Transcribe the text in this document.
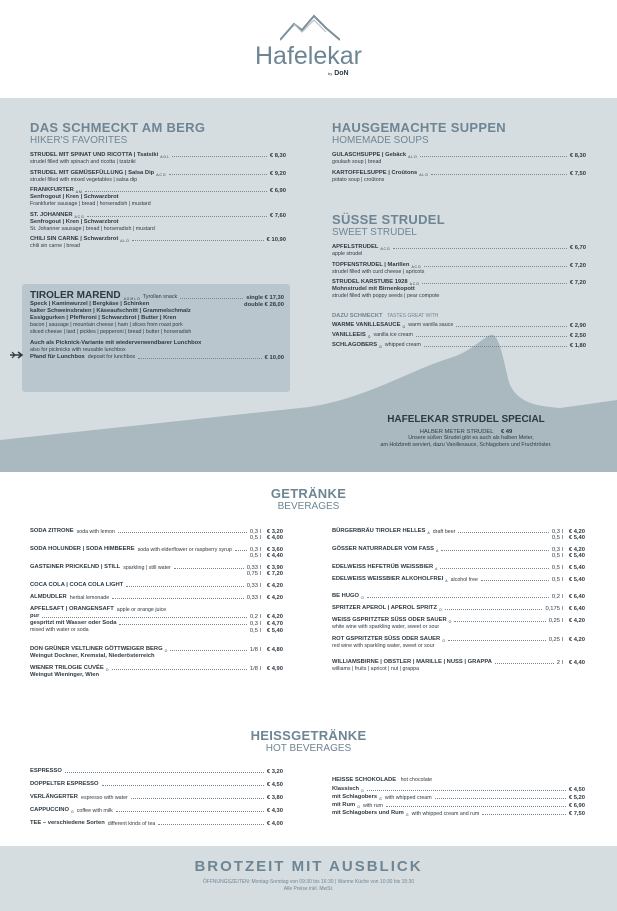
Hafelekar
by DoN
DAS SCHMECKT AM BERG
HIKER'S FAVORITES
STRUDEL MIT SPINAT UND RICOTTA | Tsatsiki A G L	€ 8,30
strudel filled with spinach and ricotta | tzatziki
STRUDEL MIT GEMÜSEFÜLLUNG | Salsa Dip A C G	€ 9,20
strudel filled with mixed vegetables | salsa dip
FRANKFURTER A M	€ 6,90
Senfrogout | Kren | Schwarzbrot
Frankfurter sausage | bread | horseradish | mustard
ST. JOHANNER A C G	€ 7,60
Senfrogout | Kren | Schwarzbrot
St. Johanner sausage | bread | horseradish | mustard
CHILI SIN CARNE | Schwarzbrot A L O	€ 10,90
chili sin carne | bread
TIROLER MAREND $_{A G M L O}$ Tyrollan snack	single € 17,30
Speck | Kaminwurzel | Bergkäse | Schinken	double € 28,00
kalter Schweinsbraten | Käseaufschnitt | Grammelschmalz
Essiggurken | Pfefferoni | Schwarzbrot | Butter | Kren
bacon | sausage | mountain cheese | ham | slices from roast pork
sliced cheese | lard | pickles | pepperoni | bread | butter | horseradish
Auch als Picknick-Variante mit wiederverwendbarer Lunchbox
also for picknicks with reusable lunchbox
Pfand für Lunchbox deposit for lunchbox	€ 10,00
HAUSGEMACHTE SUPPEN
HOMEMADE SOUPS
GULASCHSUPPE | Gebäck A L O	€ 8,30
goulash soup | bread
KARTOFFELSUPPE | Croûtons A L O	€ 7,50
potato soup | croûtons
SÜSSE STRUDEL
SWEET STRUDEL
APFELSTRUDEL A C G	€ 6,70
apple strudel
TOPFENSTRUDEL | Marillen A C G	€ 7,20
strudel filled with curd cheese | apricots
STRUDEL KARSTUBE 1928 A C G	€ 7,20
Mohnstrudel mit Birnenkopott
strudel filled with poppy seeds | pear compote
DAZU SCHMECKT TASTES GREAT WITH
WARME VANILLESAUCE G warm vanilla sauce	€ 2,90
VANILLEEIS G vanilla ice cream	€ 2,50
SCHLAGOBERS G whipped cream	€ 1,80
HAFELEKAR STRUDEL SPECIAL
HALBER METER STRUDEL € 49
Unsere süßen Strudel gibt es auch als halben Meter,
am Holzbrett serviert, dazu Vanillesauce, Schlagobers und Fruchtröster.
GETRÄNKE
BEVERAGES
SODA ZITRONE soda with lemon	0,3 l € 3,20
0,5 l € 4,00
SODA HOLUNDER | SODA HIMBEERE soda with elderflower or raspberry syrup	0,3 l € 3,60
0,5 l € 4,40
GASTEINER PRICKELND | STILL sparkling | still water	0,33 l € 3,90
0,75 l € 7,20
COCA COLA | COCA COLA LIGHT	0,33 l € 4,20
ALMDUDLER herbal lemonade	0,33 l € 4,20
APFELSAFT | ORANGENSAFT apple or orange juice
pur	0,2 l € 4,20
gespritzt mit Wasser oder Soda	0,3 l € 4,70
mixed with water or soda	0,5 l € 5,40
DON GRÜNER VELTLINER GÖTTWEIGER BERG O	1/8 l € 4,80
Weingut Dockner, Kremstal, Niederösterreich
WIENER TRILOGIE CUVÉE O	1/8 l € 4,90
Weingut Wieninger, Wien
BÜRGERBRÄU TIROLER HELLES A draft beer	0,3 l € 4,20
0,5 l € 5,40
GÖSSER NATURRADLER VOM FASS A	0,3 l € 4,20
0,5 l € 5,40
EDELWEISS HEFETRÜB WEISSBIER A	0,5 l € 5,40
EDELWEISS WEISSBIER ALKOHOLFREI A alcohol free	0,5 l € 5,40
BE HUGO O	0,2 l € 6,40
SPRITZER APEROL | APEROL SPRITZ O	0,175 l € 6,40
WEISS GSPRITZTER SÜSS ODER SAUER O	0,25 l € 4,20
white wine with sparkling water, sweet or sour
ROT GSPRITZTER SÜSS ODER SAUER O	0,25 l € 4,20
red wine with sparkling water, sweet or sour
WILLIAMSBIRNE | OBSTLER | MARILLE | NUSS | GRAPPA	2 l € 4,40
williams | fruits | apricot | nut | grappa
HEISSGETRÄNKE
HOT BEVERAGES
ESPRESSO	€ 3,20
DOPPELTER ESPRESSO	€ 4,50
VERLÄNGERTER espresso with water	€ 3,80
CAPPUCCINO G coffee with milk	€ 4,30
TEE – verschiedene Sorten different kinds of tea	€ 4,00
HEISSE SCHOKOLADE hot chocolate
Klassisch G	€ 4,50
mit Schlagobers G with whipped cream	€ 5,20
mit Rum G with rum	€ 6,90
mit Schlagobers und Rum G with whipped cream and rum	€ 7,50
BROTZEIT MIT AUSBLICK
ÖFFNUNGSZEITEN: Montag-Sonntag von 09:30 bis 16:30 | Warme Küche von 10:30 bis 15:30
Alle Preise inkl. MwSt.
